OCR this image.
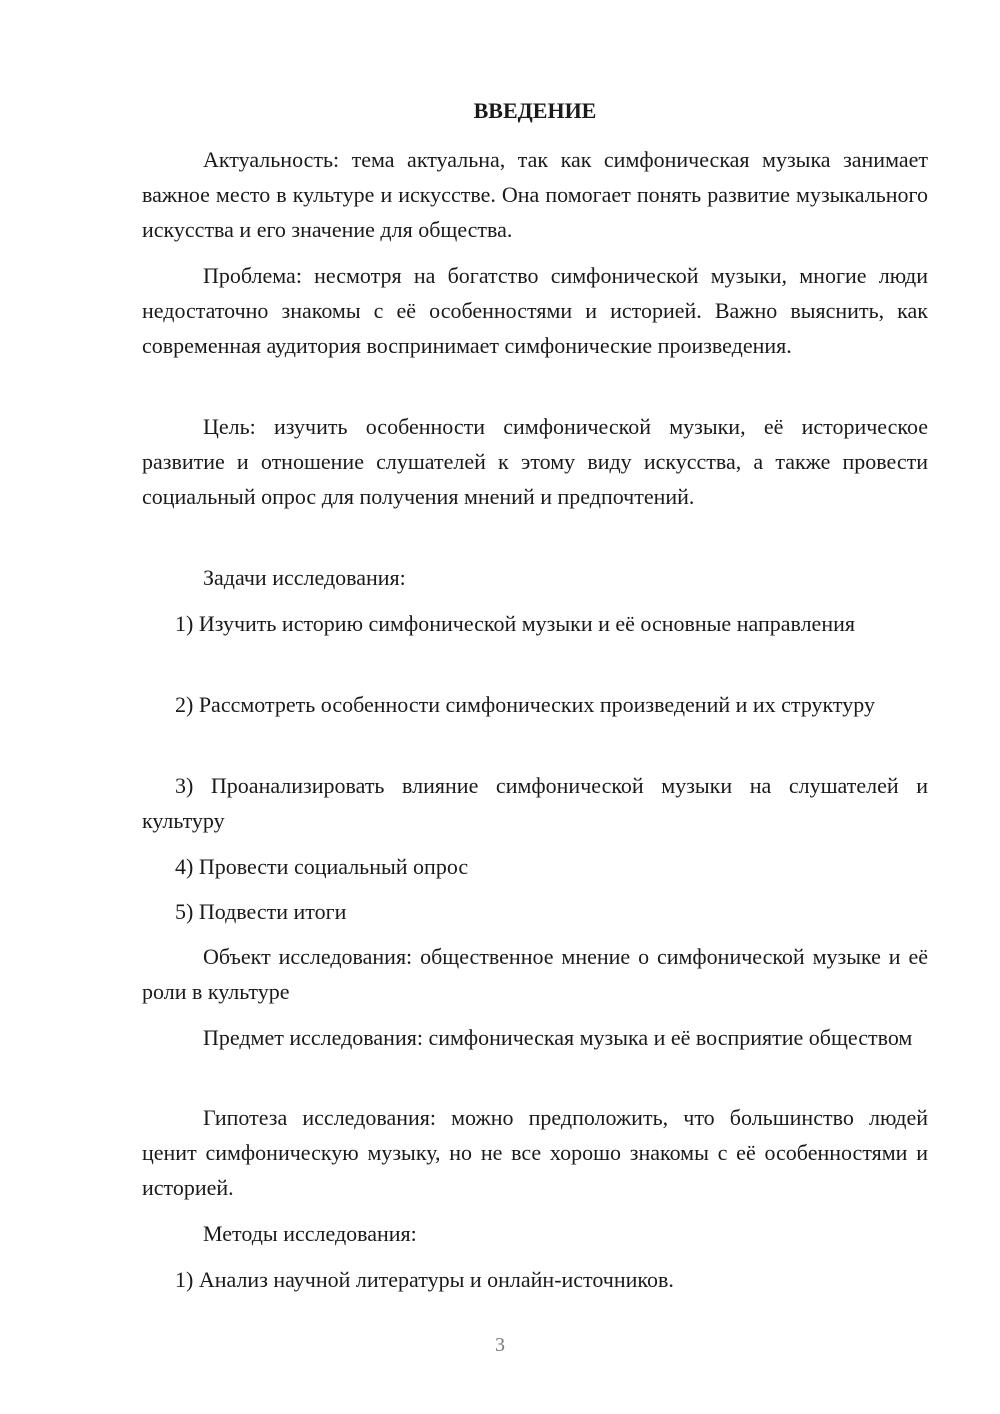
ВВЕДЕНИЕ

Актуальность: тема актуальна, так как симфоническая музыка занимает важное место в культуре и искусстве. Она помогает понять развитие музыкального искусства и его значение для общества.

Проблема: несмотря на богатство симфонической музыки, многие люди недостаточно знакомы с её особенностями и историей. Важно выяснить, как современная аудитория воспринимает симфонические произведения.

Цель: изучить особенности симфонической музыки, её историческое развитие и отношение слушателей к этому виду искусства, а также провести социальный опрос для получения мнений и предпочтений.

Задачи исследования:

1) Изучить историю симфонической музыки и её основные направления

2) Рассмотреть особенности симфонических произведений и их структуру

3) Проанализировать влияние симфонической музыки на слушателей и культуру

4) Провести социальный опрос

5) Подвести итоги

Объект исследования: общественное мнение о симфонической музыке и её роли в культуре

Предмет исследования: симфоническая музыка и её восприятие обществом

Гипотеза исследования: можно предположить, что большинство людей ценит симфоническую музыку, но не все хорошо знакомы с её особенностями и историей.

Методы исследования:

1) Анализ научной литературы и онлайн-источников.

3
